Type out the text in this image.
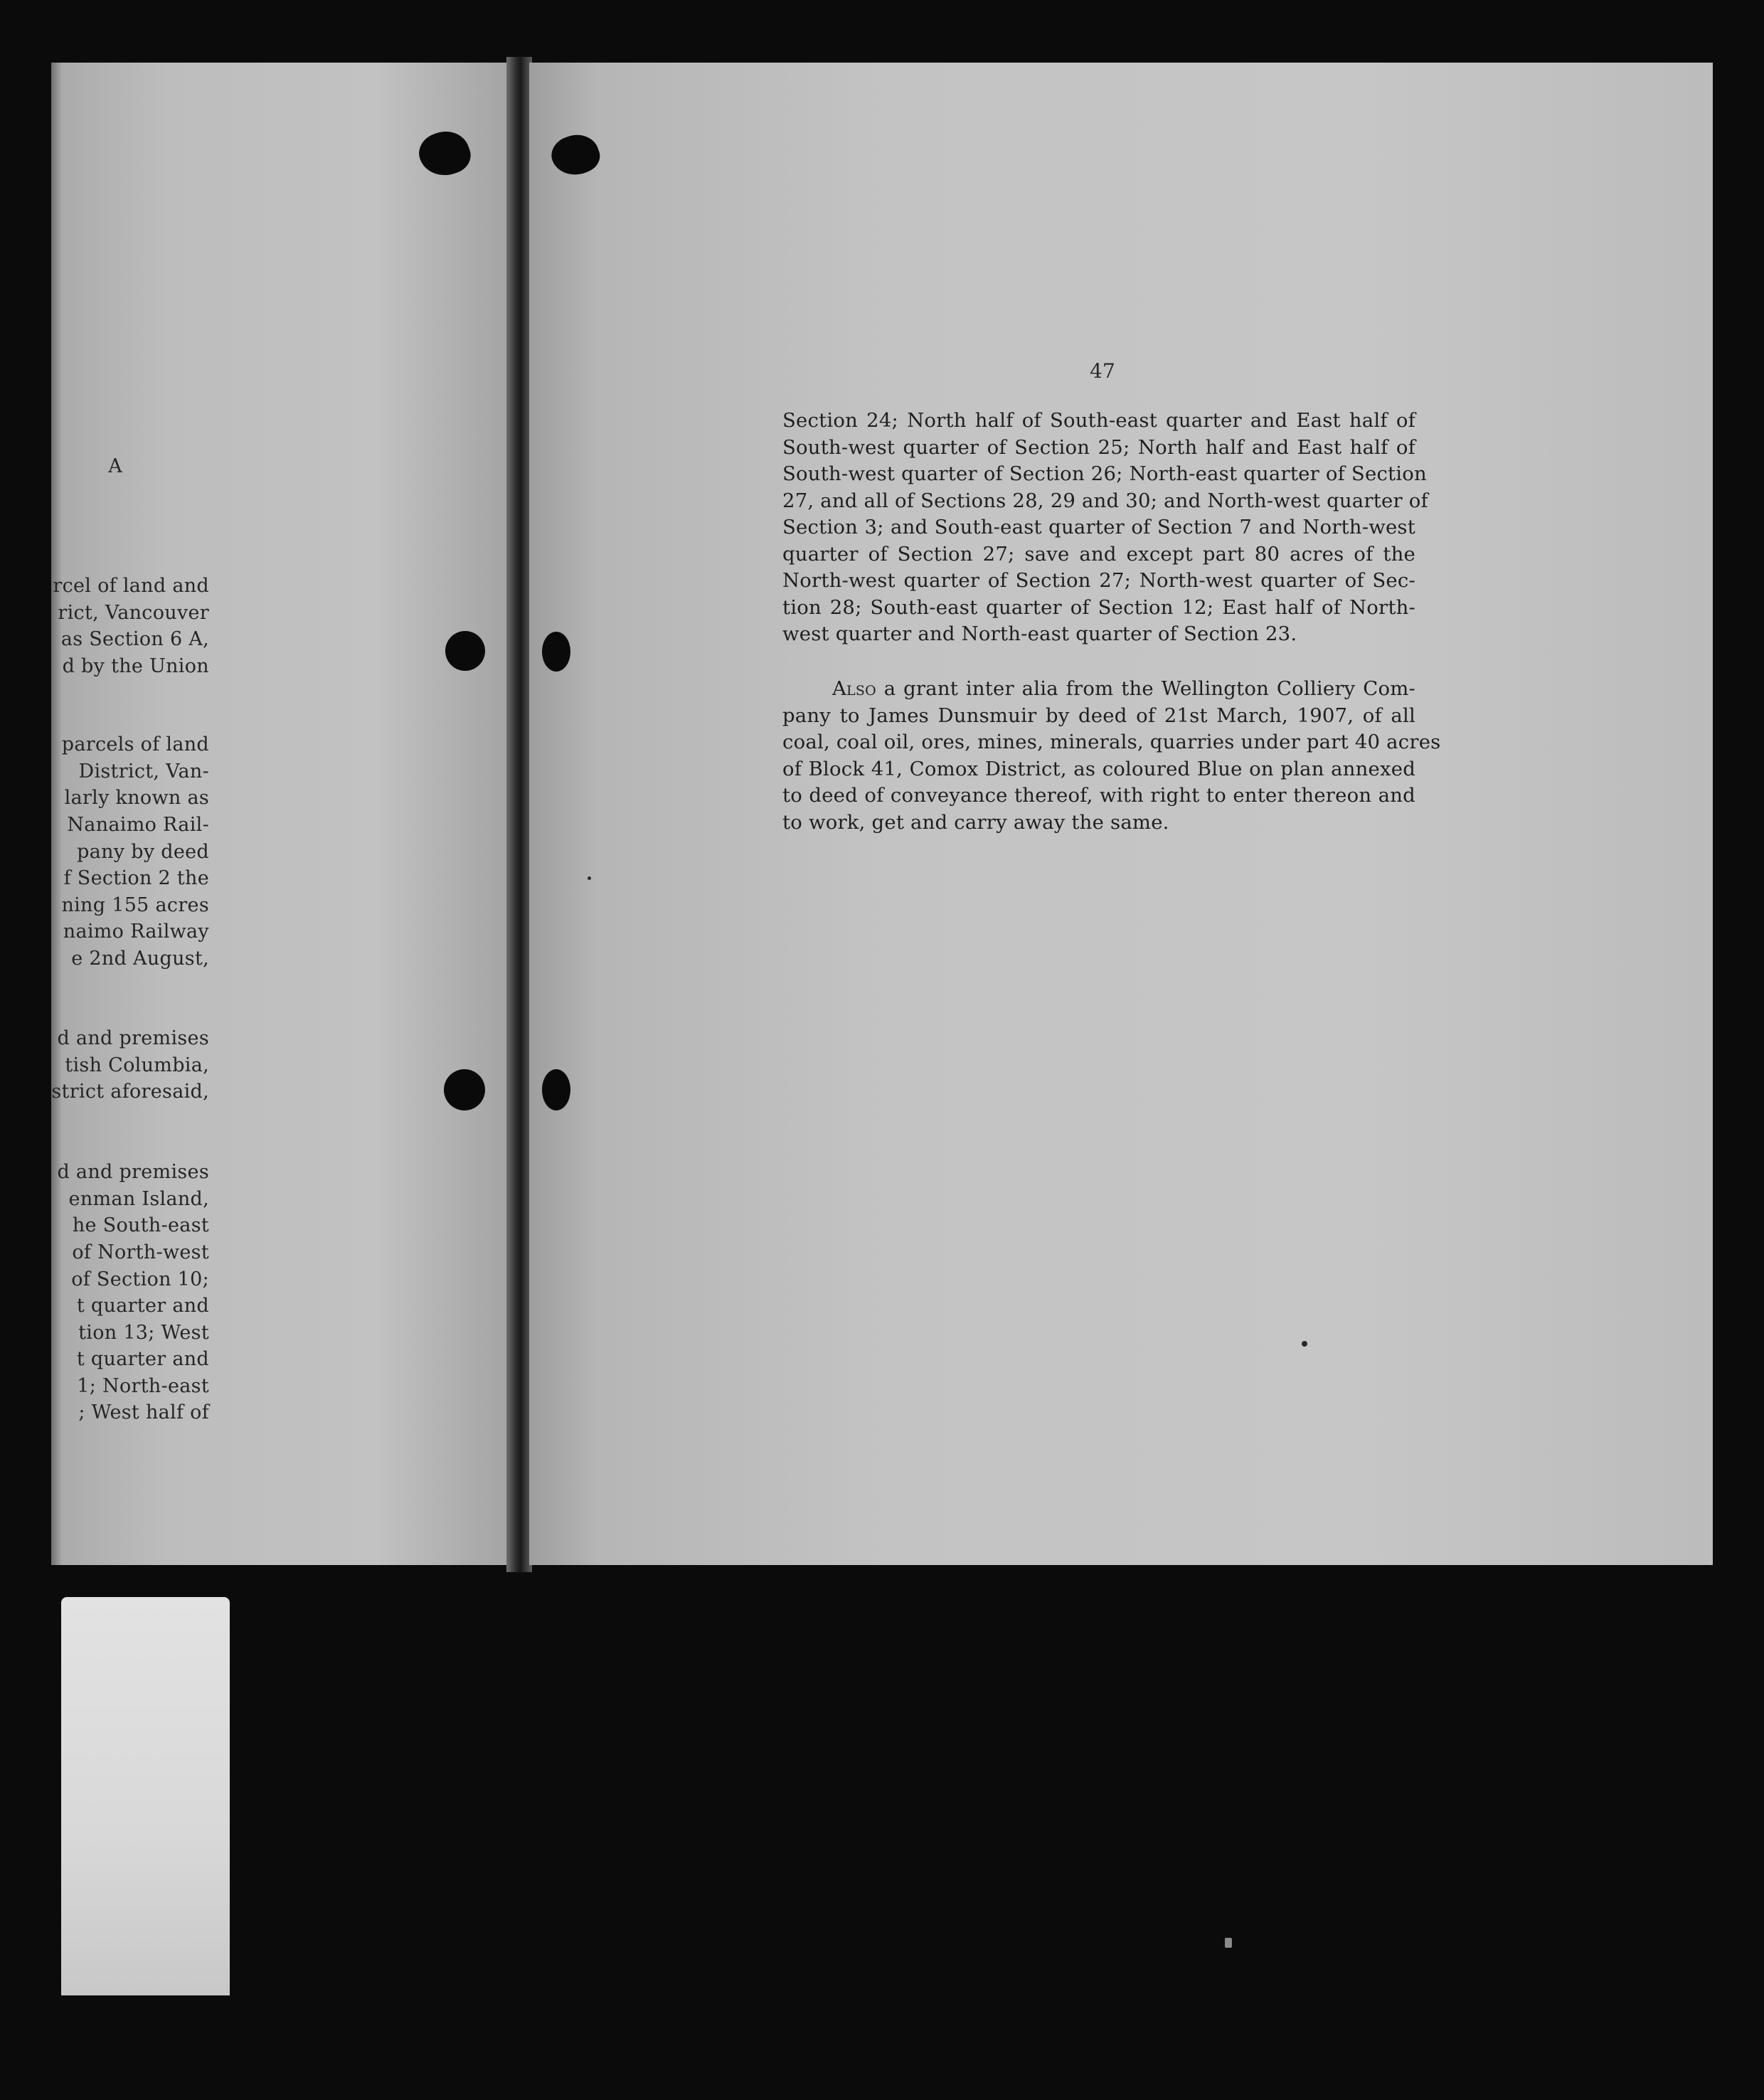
A
rcel of land and
rict, Vancouver
as Section 6 A,
d by the Union
parcels of land
District, Van-
larly known as
Nanaimo Rail-
pany by deed
f Section 2 the
ning 155 acres
naimo Railway
e 2nd August,
d and premises
tish Columbia,
strict aforesaid,
d and premises
enman Island,
he South-east
of North-west
of Section 10;
t quarter and
tion 13; West
t quarter and
1; North-east
; West half of
47
Section 24; North half of South-east quarter and East half of
South-west quarter of Section 25; North half and East half of
South-west quarter of Section 26; North-east quarter of Section
27, and all of Sections 28, 29 and 30; and North-west quarter of
Section 3; and South-east quarter of Section 7 and North-west
quarter of Section 27; save and except part 80 acres of the
North-west quarter of Section 27; North-west quarter of Sec-
tion 28; South-east quarter of Section 12; East half of North-
west quarter and North-east quarter of Section 23.
Also a grant inter alia from the Wellington Colliery Com-
pany to James Dunsmuir by deed of 21st March, 1907, of all
coal, coal oil, ores, mines, minerals, quarries under part 40 acres
of Block 41, Comox District, as coloured Blue on plan annexed
to deed of conveyance thereof, with right to enter thereon and
to work, get and carry away the same.
